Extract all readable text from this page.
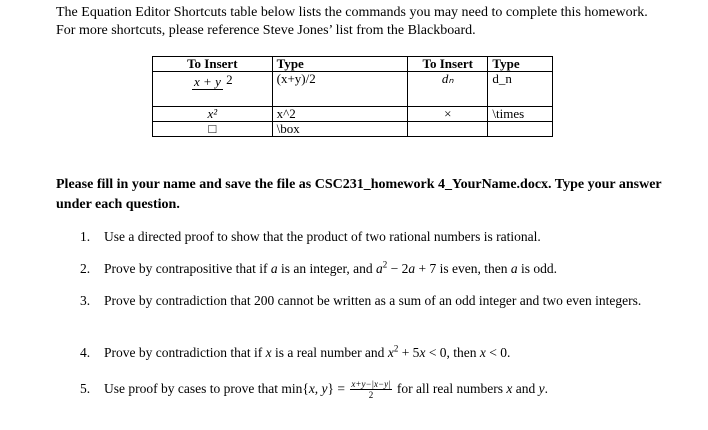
The Equation Editor Shortcuts table below lists the commands you may need to complete this homework.

For more shortcuts, please reference Steve Jones’ list from the Blackboard.

To Insert	Type	To Insert	Type
x + y 2	(x+y)/2	dₙ	d_n
x²	x^2	×	\times
□	\box		
Please fill in your name and save the file as CSC231_homework 4_YourName.docx. Type your answer under each question.
1.	Use a directed proof to show that the product of two rational numbers is rational.
2.	Prove by contrapositive that if a is an integer, and $a^2 - 2a + 7$ is even, then a is odd.
3.	Prove by contradiction that 200 cannot be written as a sum of an odd integer and two even integers.
4.	Prove by contradiction that if x is a real number and $x^2 + 5x < 0$, then x < 0.
5.	Use proof by cases to prove that min{x, $y\} = \frac{x+y-|x-y|}{2}$ for all real numbers x and y.
